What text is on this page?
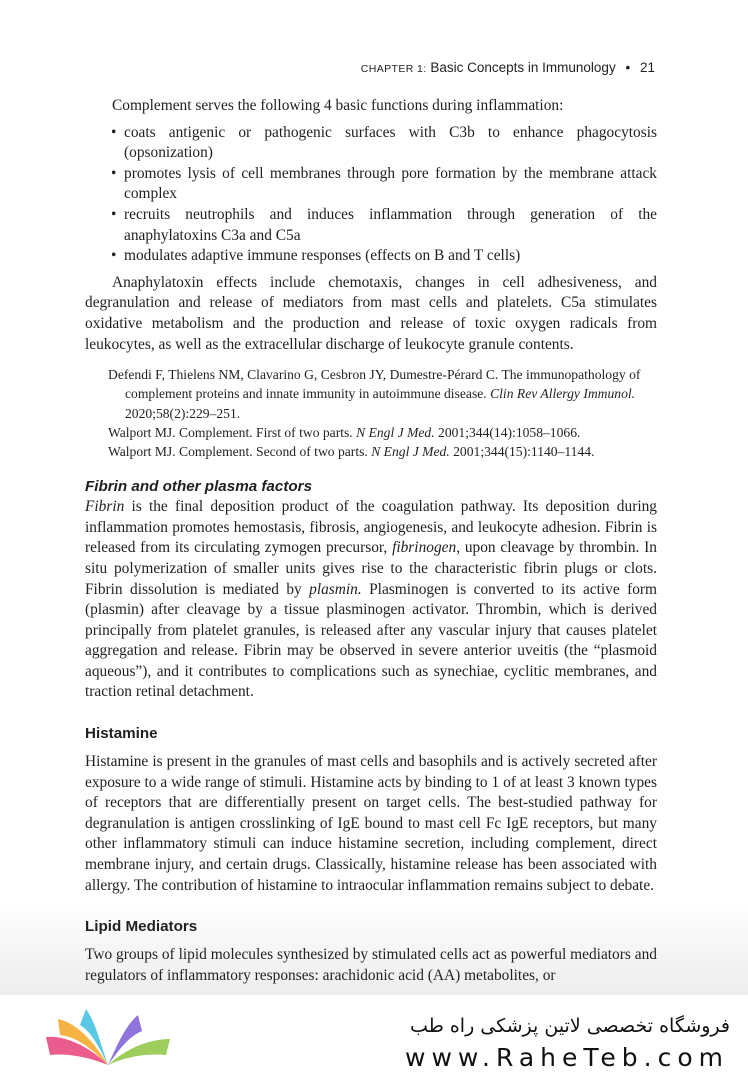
CHAPTER 1: Basic Concepts in Immunology • 21

Complement serves the following 4 basic functions during inflammation:

• coats antigenic or pathogenic surfaces with C3b to enhance phagocytosis (opsonization)
• promotes lysis of cell membranes through pore formation by the membrane attack complex
• recruits neutrophils and induces inflammation through generation of the anaphylatoxins C3a and C5a
• modulates adaptive immune responses (effects on B and T cells)

Anaphylatoxin effects include chemotaxis, changes in cell adhesiveness, and degranulation and release of mediators from mast cells and platelets. C5a stimulates oxidative metabolism and the production and release of toxic oxygen radicals from leukocytes, as well as the extracellular discharge of leukocyte granule contents.

Defendi F, Thielens NM, Clavarino G, Cesbron JY, Dumestre-Pérard C. The immunopathology of complement proteins and innate immunity in autoimmune disease. Clin Rev Allergy Immunol. 2020;58(2):229–251.
Walport MJ. Complement. First of two parts. N Engl J Med. 2001;344(14):1058–1066.
Walport MJ. Complement. Second of two parts. N Engl J Med. 2001;344(15):1140–1144.
Fibrin and other plasma factors

Fibrin is the final deposition product of the coagulation pathway. Its deposition during inflammation promotes hemostasis, fibrosis, angiogenesis, and leukocyte adhesion. Fibrin is released from its circulating zymogen precursor, fibrinogen, upon cleavage by thrombin. In situ polymerization of smaller units gives rise to the characteristic fibrin plugs or clots. Fibrin dissolution is mediated by plasmin. Plasminogen is converted to its active form (plasmin) after cleavage by a tissue plasminogen activator. Thrombin, which is derived principally from platelet granules, is released after any vascular injury that causes platelet aggregation and release. Fibrin may be observed in severe anterior uveitis (the “plasmoid aqueous”), and it contributes to complications such as synechiae, cyclitic membranes, and traction retinal detachment.

Histamine

Histamine is present in the granules of mast cells and basophils and is actively secreted after exposure to a wide range of stimuli. Histamine acts by binding to 1 of at least 3 known types of receptors that are differentially present on target cells. The best-studied pathway for degranulation is antigen crosslinking of IgE bound to mast cell Fc IgE receptors, but many other inflammatory stimuli can induce histamine secretion, including complement, direct membrane injury, and certain drugs. Classically, histamine release has been associated with allergy. The contribution of histamine to intraocular inflammation remains subject to debate.

Lipid Mediators

Two groups of lipid molecules synthesized by stimulated cells act as powerful mediators and regulators of inflammatory responses: arachidonic acid (AA) metabolites, or

فروشگاه تخصصی لاتین پزشکی راه طب
www.RaheTeb.com
